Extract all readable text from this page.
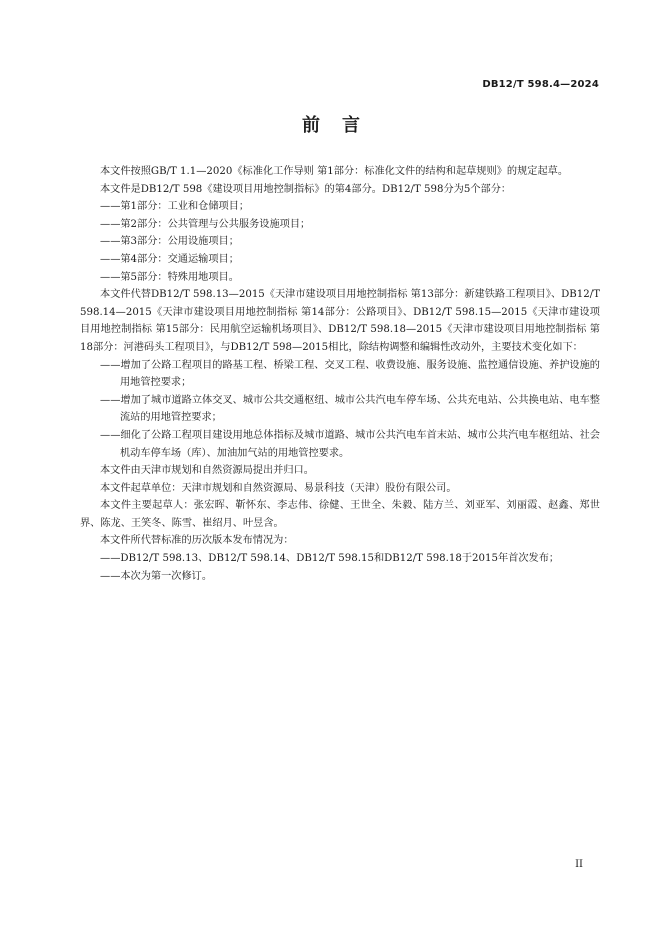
DB12/T 598.4—2024
前言

本文件按照GB/T 1.1—2020《标准化工作导则 第1部分：标准化文件的结构和起草规则》的规定起草。

本文件是DB12/T 598《建设项目用地控制指标》的第4部分。DB12/T 598分为5个部分：

——第1部分：工业和仓储项目；

——第2部分：公共管理与公共服务设施项目；

——第3部分：公用设施项目；

——第4部分：交通运输项目；

——第5部分：特殊用地项目。

本文件代替DB12/T 598.13—2015《天津市建设项目用地控制指标 第13部分：新建铁路工程项目》、DB12/T 598.14—2015《天津市建设项目用地控制指标 第14部分：公路项目》、DB12/T 598.15—2015《天津市建设项目用地控制指标 第15部分：民用航空运输机场项目》、DB12/T 598.18—2015《天津市建设项目用地控制指标 第18部分：河港码头工程项目》，与DB12/T 598—2015相比，除结构调整和编辑性改动外，主要技术变化如下：

——增加了公路工程项目的路基工程、桥梁工程、交叉工程、收费设施、服务设施、监控通信设施、养护设施的用地管控要求；

——增加了城市道路立体交叉、城市公共交通枢纽、城市公共汽电车停车场、公共充电站、公共换电站、电车整流站的用地管控要求；

——细化了公路工程项目建设用地总体指标及城市道路、城市公共汽电车首末站、城市公共汽电车枢纽站、社会机动车停车场（库）、加油加气站的用地管控要求。

本文件由天津市规划和自然资源局提出并归口。

本文件起草单位：天津市规划和自然资源局、易景科技（天津）股份有限公司。

本文件主要起草人：张宏晖、靳怀东、李志伟、徐健、王世全、朱毅、陆方兰、刘亚军、刘丽霞、赵鑫、郑世界、陈龙、王笑冬、陈雪、崔绍月、叶昱含。

本文件所代替标准的历次版本发布情况为：

——DB12/T 598.13、DB12/T 598.14、DB12/T 598.15和DB12/T 598.18于2015年首次发布；

——本次为第一次修订。

II
